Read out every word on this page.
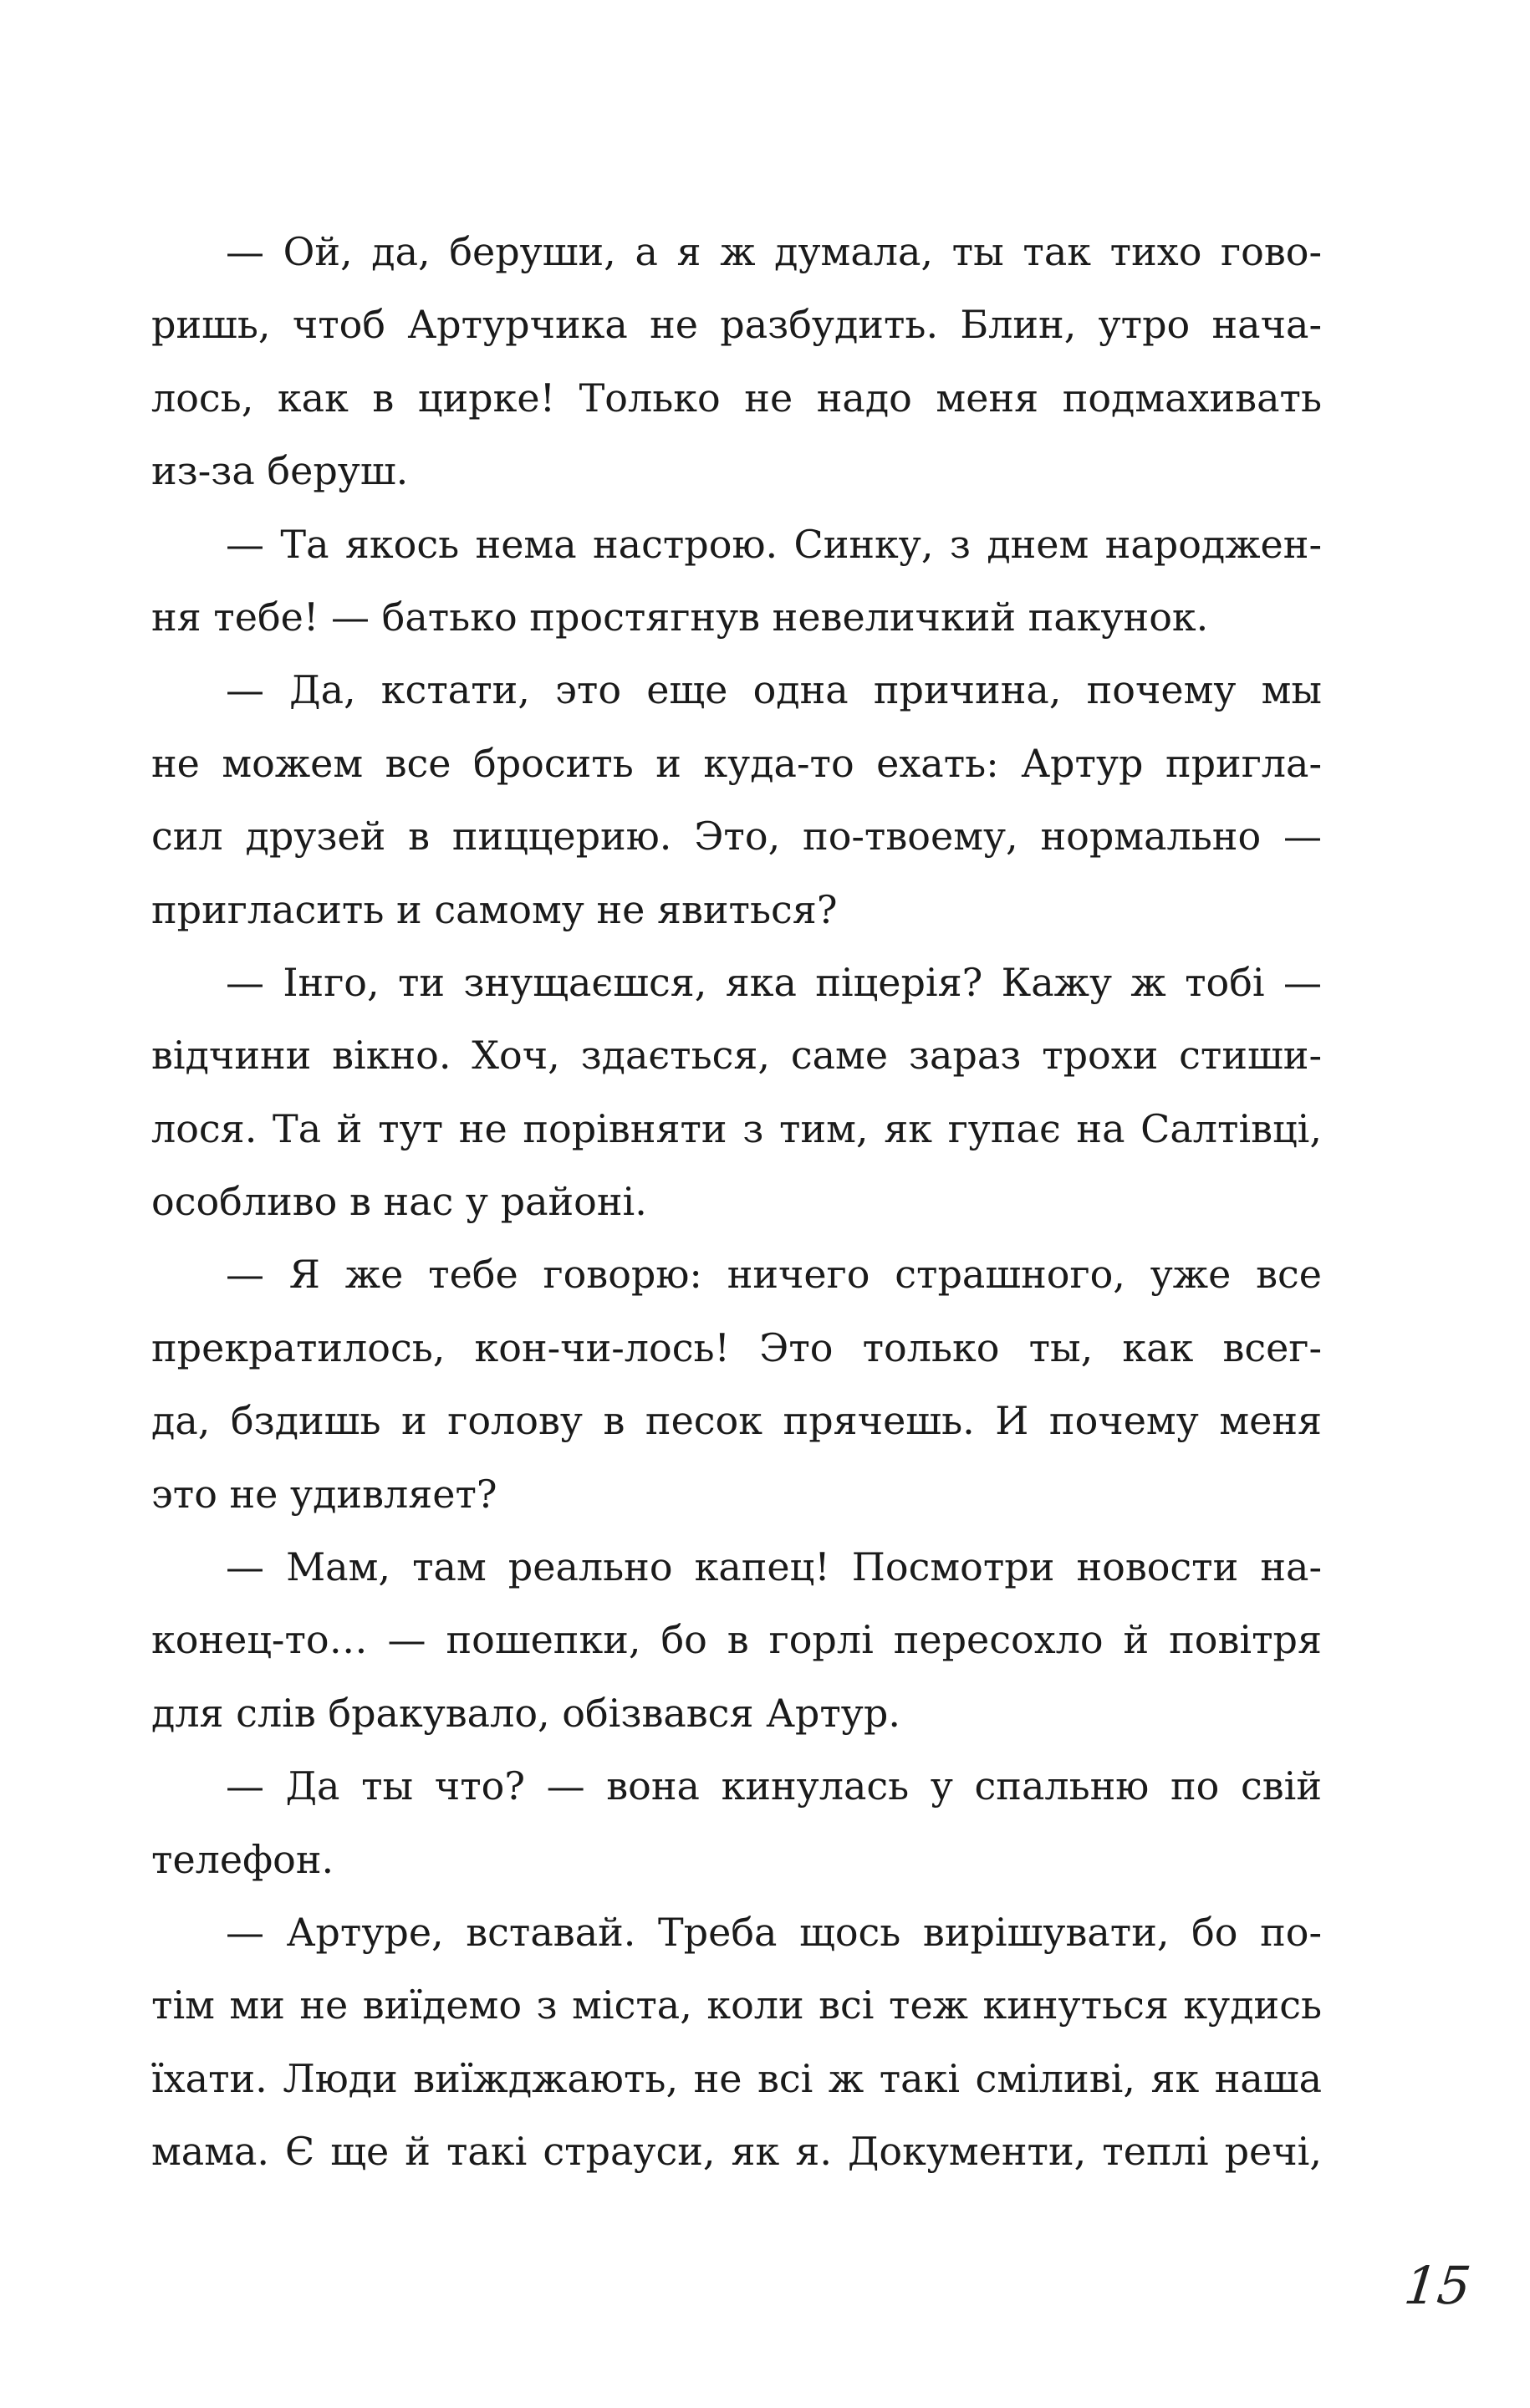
— Ой, да, беруши, а я ж думала, ты так тихо гово-
ришь, чтоб Артурчика не разбудить. Блин, утро нача-
лось, как в цирке! Только не надо меня подмахивать
из-за беруш.
— Та якось нема настрою. Синку, з днем народжен-
ня тебе! — батько простягнув невеличкий пакунок.
— Да, кстати, это еще одна причина, почему мы
не можем все бросить и куда-то ехать: Артур пригла-
сил друзей в пиццерию. Это, по-твоему, нормально —
пригласить и самому не явиться?
— Інго, ти знущаєшся, яка піцерія? Кажу ж тобі —
відчини вікно. Хоч, здається, саме зараз трохи стиши-
лося. Та й тут не порівняти з тим, як гупає на Салтівці,
особливо в нас у районі.
— Я же тебе говорю: ничего страшного, уже все
прекратилось, кон-чи-лось! Это только ты, как всег-
да, бздишь и голову в песок прячешь. И почему меня
это не удивляет?
— Мам, там реально капец! Посмотри новости на-
конец-то… — пошепки, бо в горлі пересохло й повітря
для слів бракувало, обізвався Артур.
— Да ты что? — вона кинулась у спальню по свій
телефон.
— Артуре, вставай. Треба щось вирішувати, бо по-
тім ми не виїдемо з міста, коли всі теж кинуться кудись
їхати. Люди виїжджають, не всі ж такі сміливі, як наша
мама. Є ще й такі страуси, як я. Документи, теплі речі,
15
